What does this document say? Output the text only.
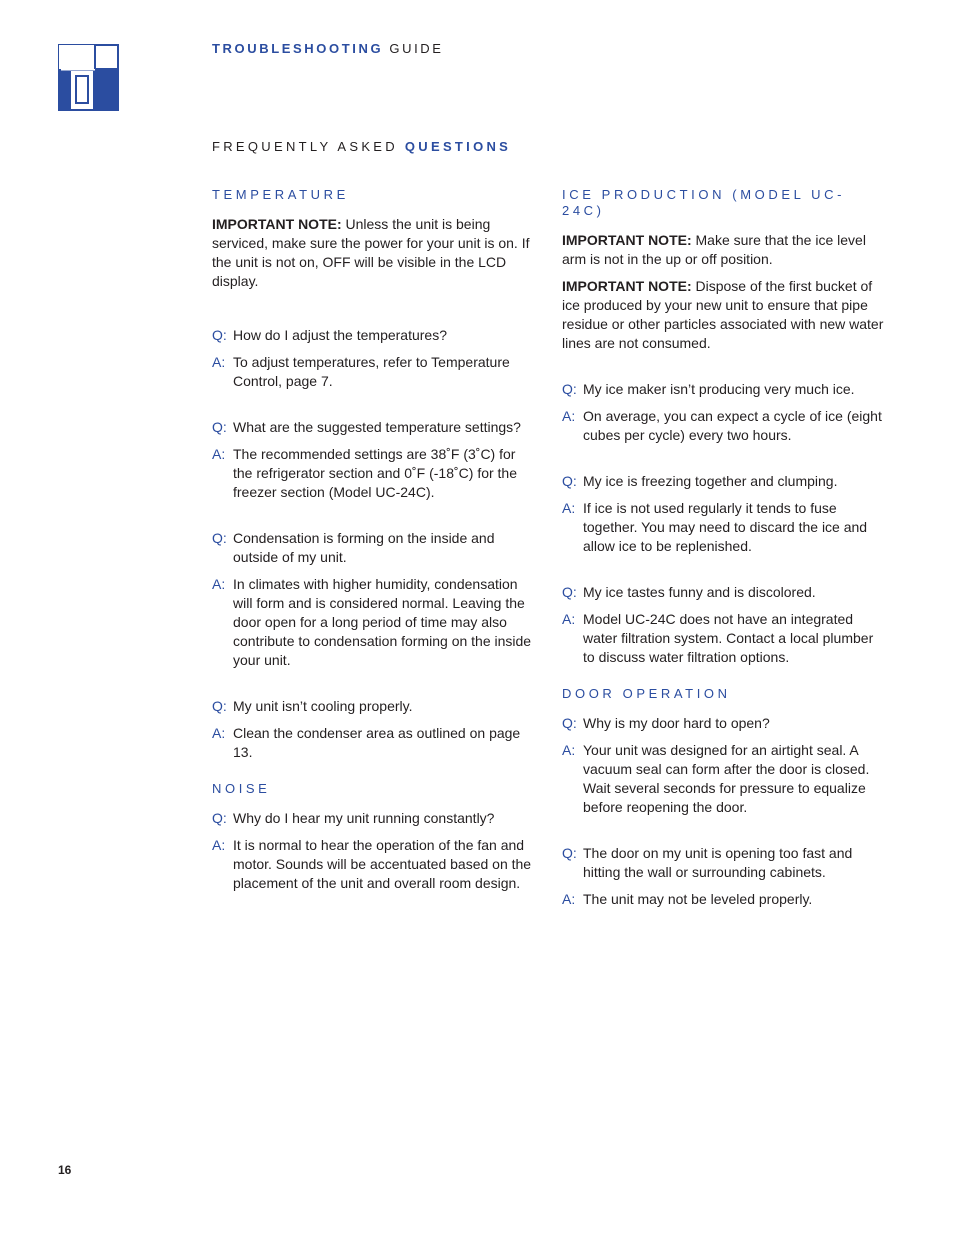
TROUBLESHOOTING GUIDE
FREQUENTLY ASKED QUESTIONS
TEMPERATURE

IMPORTANT NOTE: Unless the unit is being serviced, make sure the power for your unit is on. If the unit is not on, OFF will be visible in the LCD display.

Q: How do I adjust the temperatures?

A: To adjust temperatures, refer to Temperature Control, page 7.

Q: What are the suggested temperature settings?

A: The recommended settings are 38˚F (3˚C) for the refrigerator section and 0˚F (-18˚C) for the freezer section (Model UC-24C).

Q: Condensation is forming on the inside and outside of my unit.

A: In climates with higher humidity, condensation will form and is considered normal. Leaving the door open for a long period of time may also contribute to condensation forming on the inside your unit.

Q: My unit isn’t cooling properly.

A: Clean the condenser area as outlined on page 13.

NOISE

Q: Why do I hear my unit running constantly?

A: It is normal to hear the operation of the fan and motor. Sounds will be accentuated based on the placement of the unit and overall room design.

ICE PRODUCTION (MODEL UC-24C)

IMPORTANT NOTE: Make sure that the ice level arm is not in the up or off position.

IMPORTANT NOTE: Dispose of the first bucket of ice produced by your new unit to ensure that pipe residue or other particles associated with new water lines are not consumed.

Q: My ice maker isn’t producing very much ice.

A: On average, you can expect a cycle of ice (eight cubes per cycle) every two hours.

Q: My ice is freezing together and clumping.

A: If ice is not used regularly it tends to fuse together. You may need to discard the ice and allow ice to be replenished.

Q: My ice tastes funny and is discolored.

A: Model UC-24C does not have an integrated water filtration system. Contact a local plumber to discuss water filtration options.

DOOR OPERATION

Q: Why is my door hard to open?

A: Your unit was designed for an airtight seal. A vacuum seal can form after the door is closed. Wait several seconds for pressure to equalize before reopening the door.

Q: The door on my unit is opening too fast and hitting the wall or surrounding cabinets.

A: The unit may not be leveled properly.

16
